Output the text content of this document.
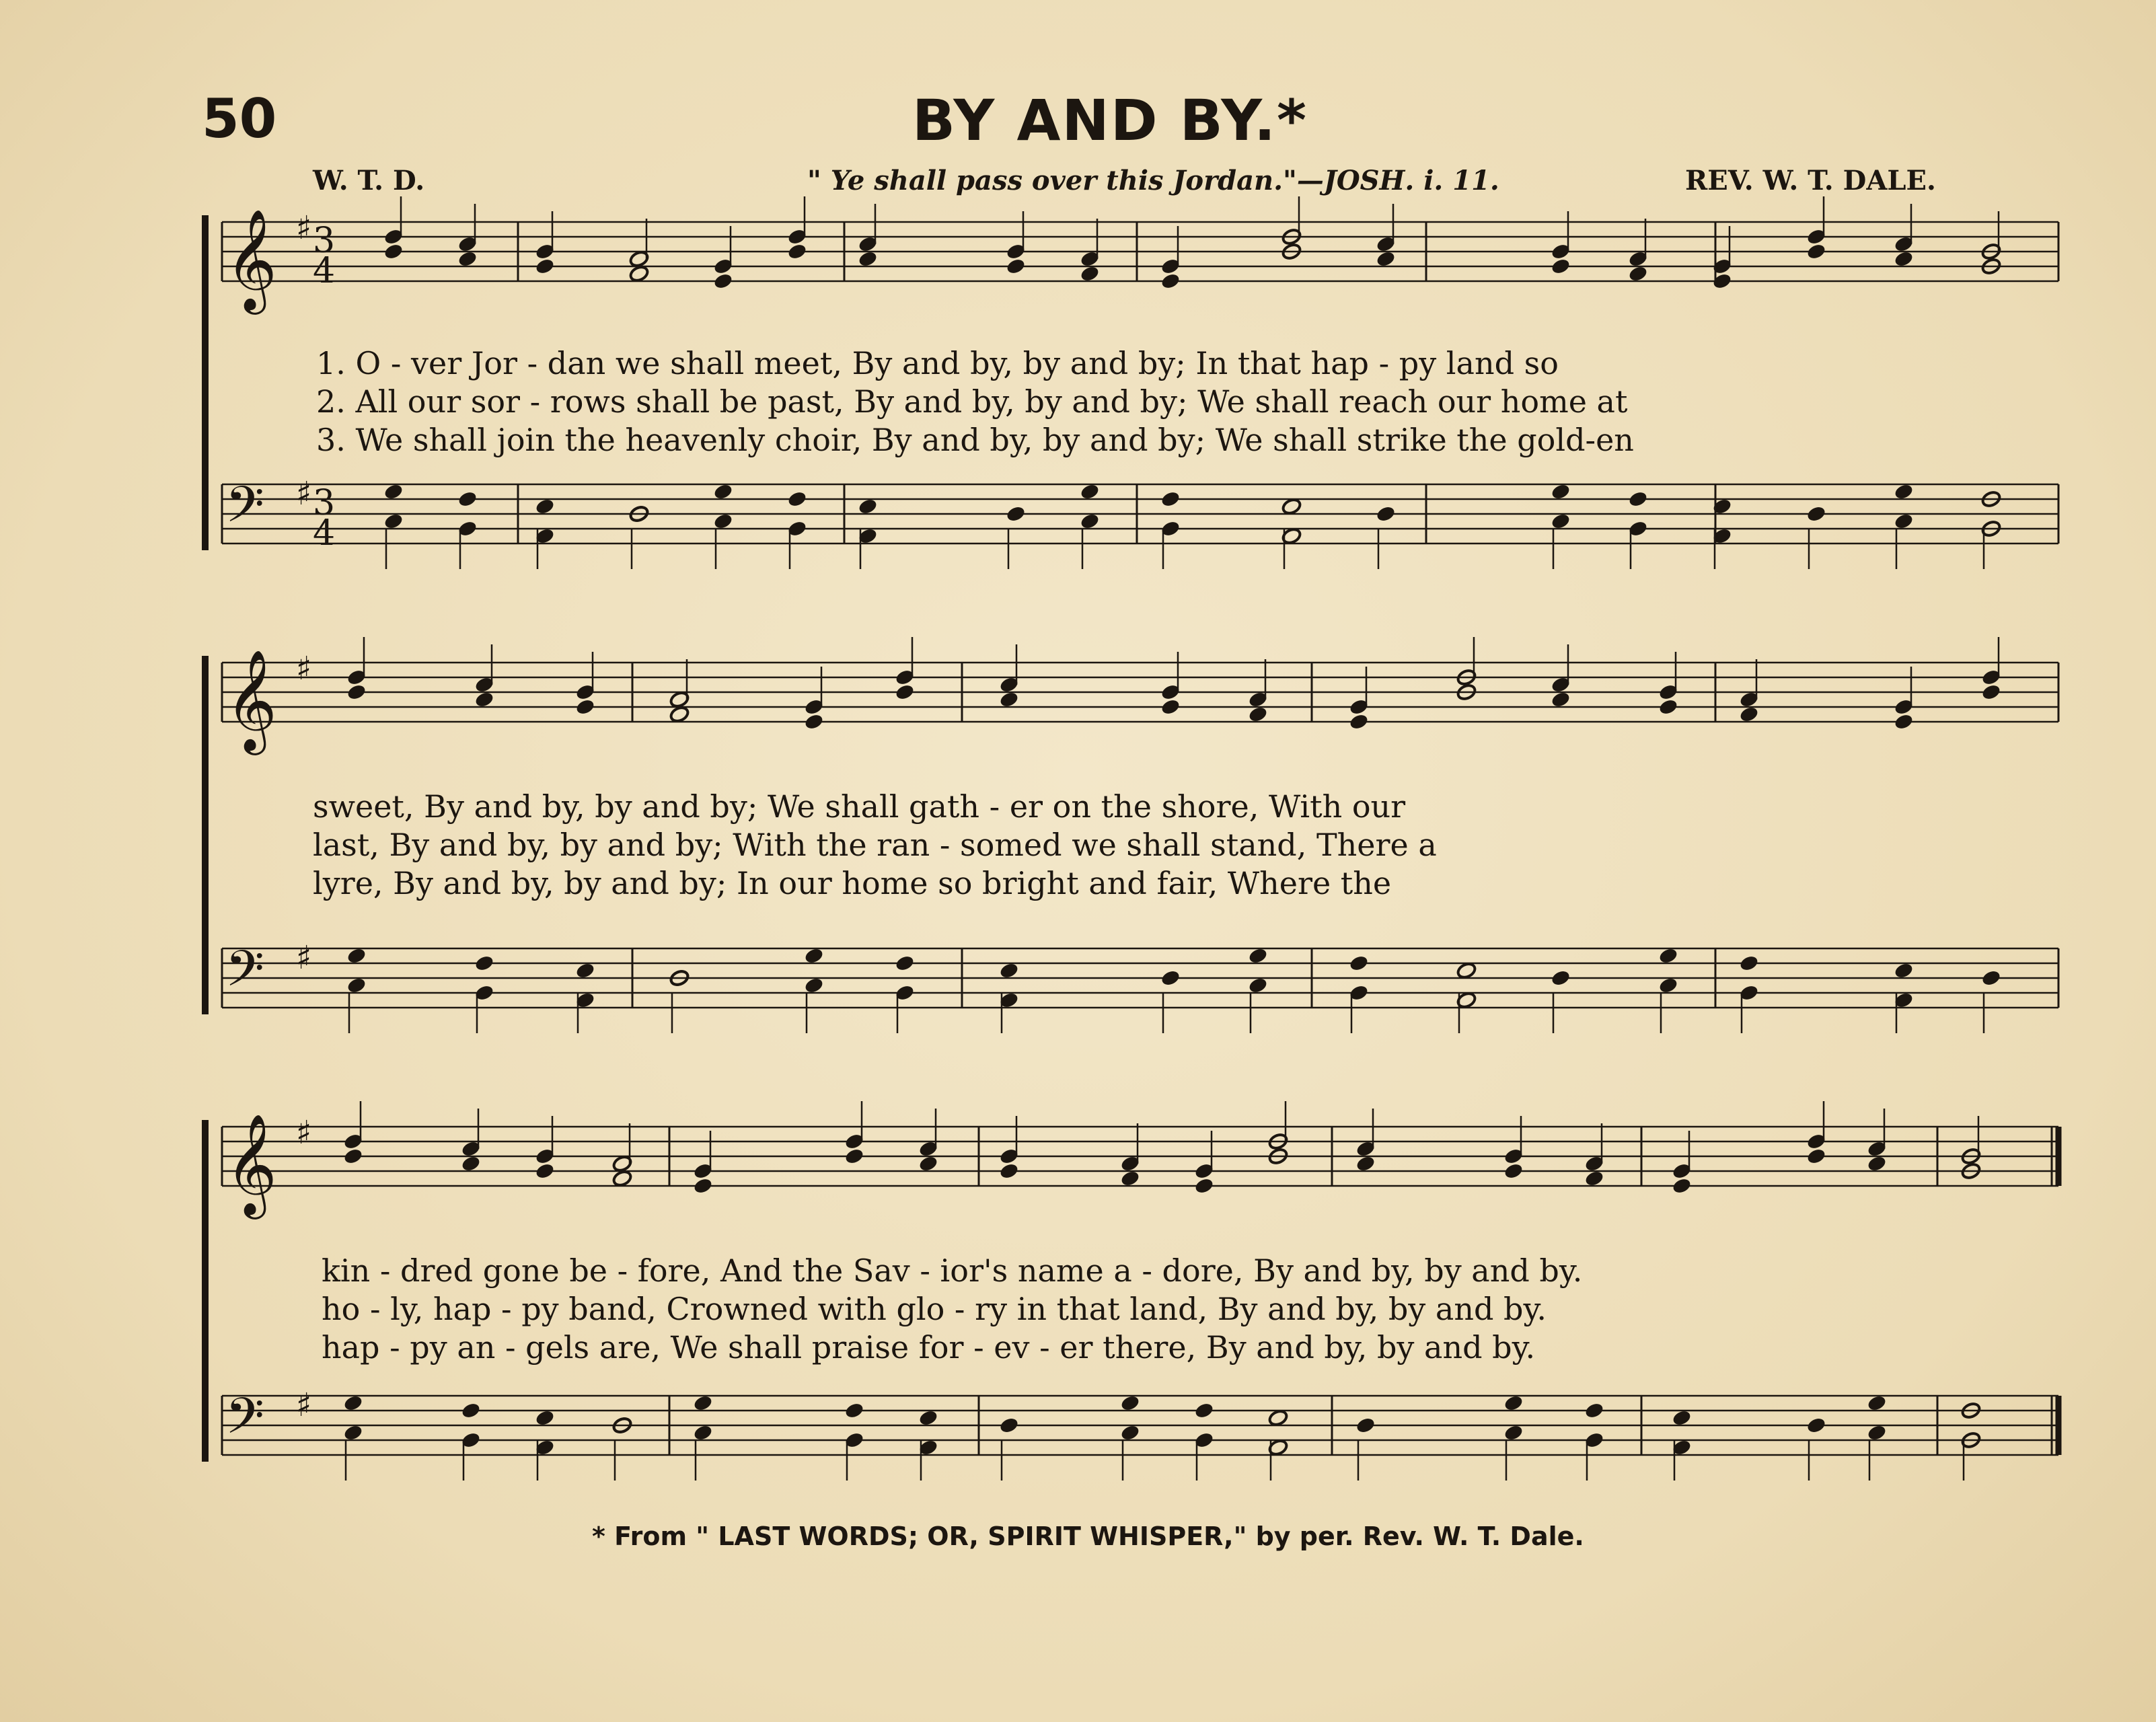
50	BY AND BY.*
W. T. D.	" Ye shall pass over this Jordan."—JOSH. i. 11.	REV. W. T. DALE.
𝄞
𝄢
♯
♯
3
4
3
4
𝄞
𝄢
♯
♯
𝄞
𝄢
♯
♯
1. O - ver Jor - dan we shall meet, By and by, by and by; In that hap - py land so
2. All our sor - rows shall be past, By and by, by and by; We shall reach our home at
3. We shall join the heavenly choir, By and by, by and by; We shall strike the gold-en
sweet, By and by, by and by; We shall gath - er on the shore, With our
last, By and by, by and by; With the ran - somed we shall stand, There a
lyre, By and by, by and by; In our home so bright and fair, Where the
kin - dred gone be - fore, And the Sav - ior's name a - dore, By and by, by and by.
ho - ly, hap - py band, Crowned with glo - ry in that land, By and by, by and by.
hap - py an - gels are, We shall praise for - ev - er there, By and by, by and by.
* From " LAST WORDS; OR, SPIRIT WHISPER," by per. Rev. W. T. Dale.
